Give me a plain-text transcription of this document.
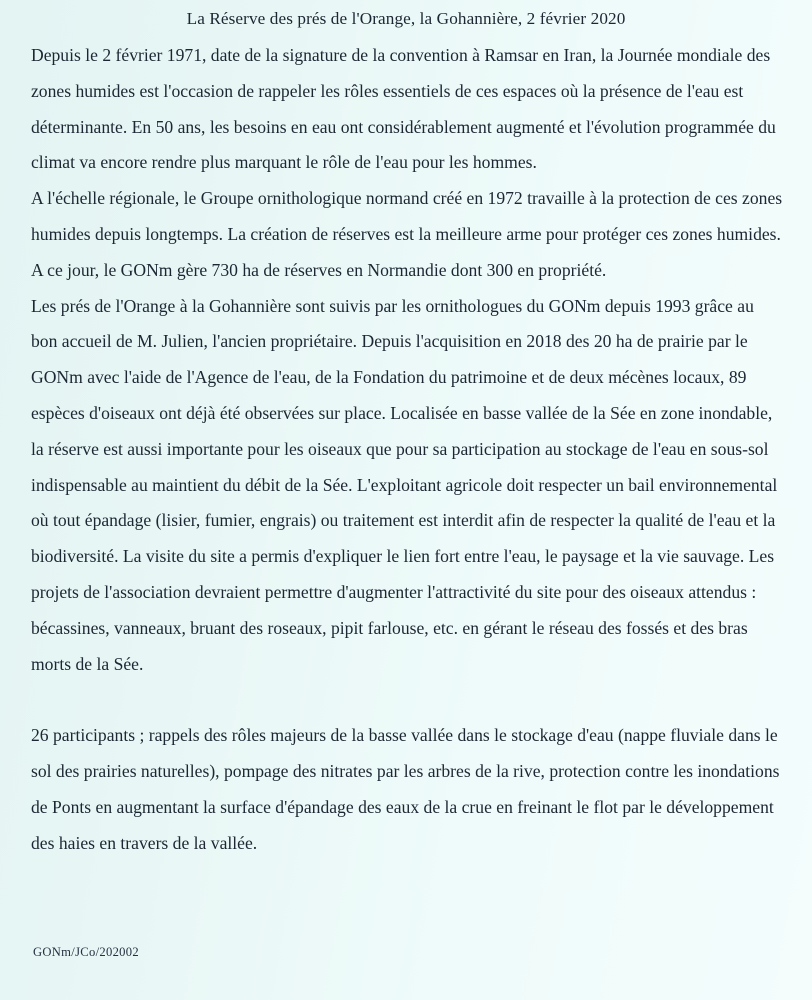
La Réserve des prés de l'Orange, la Gohannière, 2 février 2020

Depuis le 2 février 1971, date de la signature de la convention à Ramsar en Iran, la Journée mondiale des zones humides est l'occasion de rappeler les rôles essentiels de ces espaces où la présence de l'eau est déterminante. En 50 ans, les besoins en eau ont considérablement augmenté et l'évolution programmée du climat va encore rendre plus marquant le rôle de l'eau pour les hommes.

A l'échelle régionale, le Groupe ornithologique normand créé en 1972 travaille à la protection de ces zones humides depuis longtemps. La création de réserves est la meilleure arme pour protéger ces zones humides. A ce jour, le GONm gère 730 ha de réserves en Normandie dont 300 en propriété.

Les prés de l'Orange à la Gohannière sont suivis par les ornithologues du GONm depuis 1993 grâce au bon accueil de M. Julien, l'ancien propriétaire. Depuis l'acquisition en 2018 des 20 ha de prairie par le GONm avec l'aide de l'Agence de l'eau, de la Fondation du patrimoine et de deux mécènes locaux, 89 espèces d'oiseaux ont déjà été observées sur place. Localisée en basse vallée de la Sée en zone inondable, la réserve est aussi importante pour les oiseaux que pour sa participation au stockage de l'eau en sous-sol indispensable au maintient du débit de la Sée. L'exploitant agricole doit respecter un bail environnemental où tout épandage (lisier, fumier, engrais) ou traitement est interdit afin de respecter la qualité de l'eau et la biodiversité. La visite du site a permis d'expliquer le lien fort entre l'eau, le paysage et la vie sauvage. Les projets de l'association devraient permettre d'augmenter l'attractivité du site pour des oiseaux attendus : bécassines, vanneaux, bruant des roseaux, pipit farlouse, etc. en gérant le réseau des fossés et des bras morts de la Sée.

26 participants ; rappels des rôles majeurs de la basse vallée dans le stockage d'eau (nappe fluviale dans le sol des prairies naturelles), pompage des nitrates par les arbres de la rive, protection contre les inondations de Ponts en augmentant la surface d'épandage des eaux de la crue en freinant le flot par le développement des haies en travers de la vallée.

GONm/JCo/202002
